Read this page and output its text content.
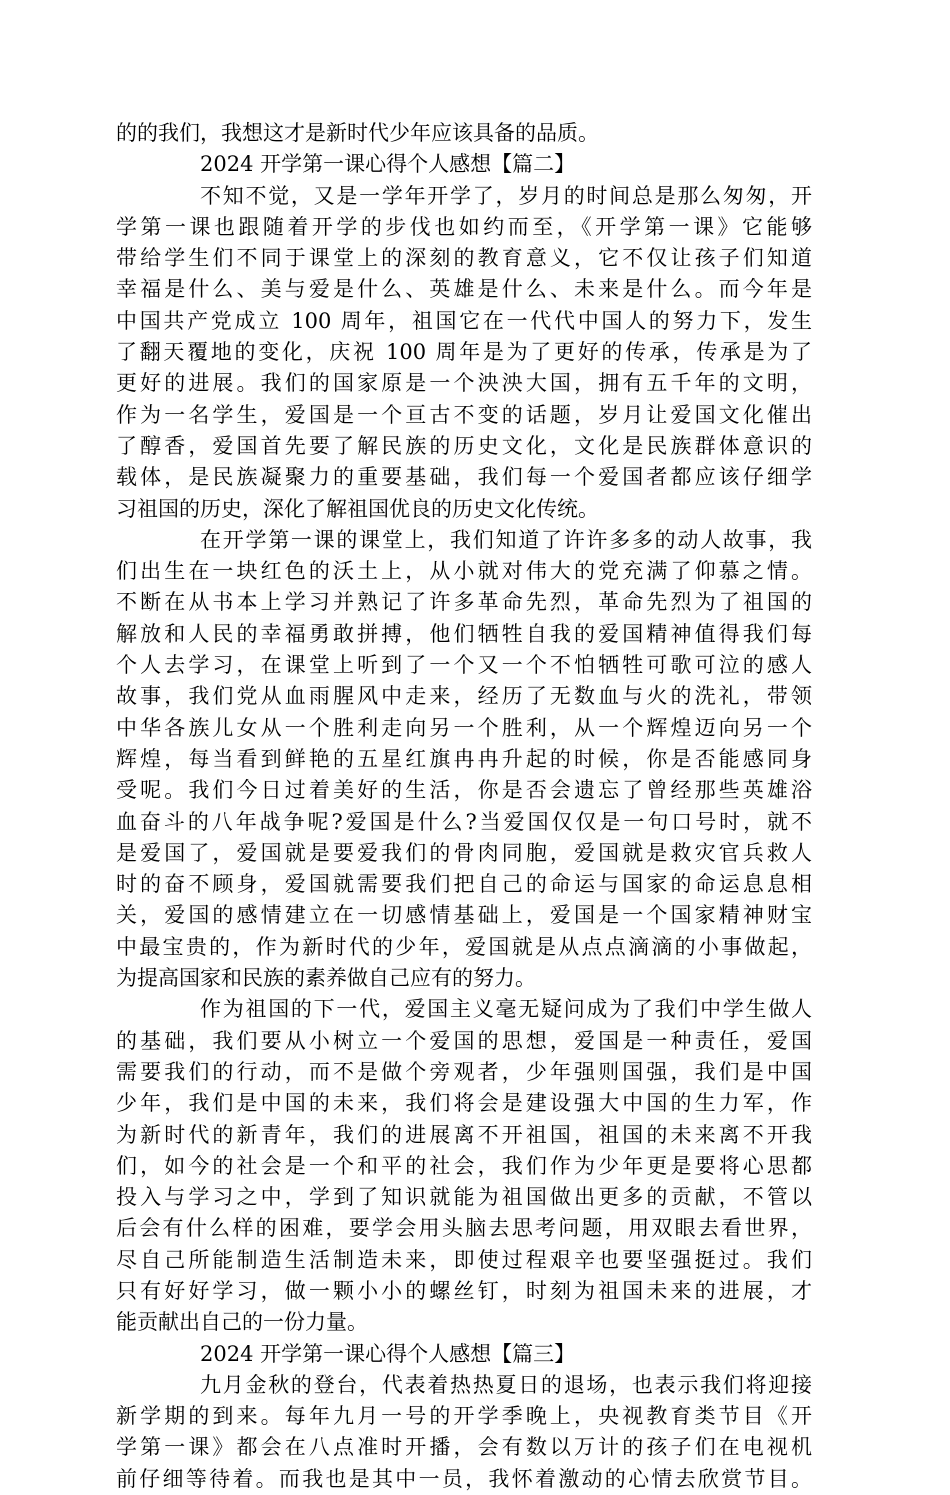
的的我们，我想这才是新时代少年应该具备的品质。
2024 开学第一课心得个人感想【篇二】
不知不觉，又是一学年开学了，岁月的时间总是那么匆匆，开
学第一课也跟随着开学的步伐也如约而至，《开学第一课》它能够
带给学生们不同于课堂上的深刻的教育意义，它不仅让孩子们知道
幸福是什么、美与爱是什么、英雄是什么、未来是什么。而今年是
中国共产党成立 100 周年，祖国它在一代代中国人的努力下，发生
了翻天覆地的变化，庆祝 100 周年是为了更好的传承，传承是为了
更好的进展。我们的国家原是一个泱泱大国，拥有五千年的文明，
作为一名学生，爱国是一个亘古不变的话题，岁月让爱国文化催出
了醇香，爱国首先要了解民族的历史文化，文化是民族群体意识的
载体，是民族凝聚力的重要基础，我们每一个爱国者都应该仔细学
习祖国的历史，深化了解祖国优良的历史文化传统。
在开学第一课的课堂上，我们知道了许许多多的动人故事，我
们出生在一块红色的沃土上，从小就对伟大的党充满了仰慕之情。
不断在从书本上学习并熟记了许多革命先烈，革命先烈为了祖国的
解放和人民的幸福勇敢拼搏，他们牺牲自我的爱国精神值得我们每
个人去学习，在课堂上听到了一个又一个不怕牺牲可歌可泣的感人
故事，我们党从血雨腥风中走来，经历了无数血与火的洗礼，带领
中华各族儿女从一个胜利走向另一个胜利，从一个辉煌迈向另一个
辉煌，每当看到鲜艳的五星红旗冉冉升起的时候，你是否能感同身
受呢。我们今日过着美好的生活，你是否会遗忘了曾经那些英雄浴
血奋斗的八年战争呢?爱国是什么?当爱国仅仅是一句口号时，就不
是爱国了，爱国就是要爱我们的骨肉同胞，爱国就是救灾官兵救人
时的奋不顾身，爱国就需要我们把自己的命运与国家的命运息息相
关，爱国的感情建立在一切感情基础上，爱国是一个国家精神财宝
中最宝贵的，作为新时代的少年，爱国就是从点点滴滴的小事做起，
为提高国家和民族的素养做自己应有的努力。
作为祖国的下一代，爱国主义毫无疑问成为了我们中学生做人
的基础，我们要从小树立一个爱国的思想，爱国是一种责任，爱国
需要我们的行动，而不是做个旁观者，少年强则国强，我们是中国
少年，我们是中国的未来，我们将会是建设强大中国的生力军，作
为新时代的新青年，我们的进展离不开祖国，祖国的未来离不开我
们，如今的社会是一个和平的社会，我们作为少年更是要将心思都
投入与学习之中，学到了知识就能为祖国做出更多的贡献，不管以
后会有什么样的困难，要学会用头脑去思考问题，用双眼去看世界，
尽自己所能制造生活制造未来，即使过程艰辛也要坚强挺过。我们
只有好好学习，做一颗小小的螺丝钉，时刻为祖国未来的进展，才
能贡献出自己的一份力量。
2024 开学第一课心得个人感想【篇三】
九月金秋的登台，代表着热热夏日的退场，也表示我们将迎接
新学期的到来。每年九月一号的开学季晚上，央视教育类节目《开
学第一课》都会在八点准时开播，会有数以万计的孩子们在电视机
前仔细等待着。而我也是其中一员，我怀着激动的心情去欣赏节目。
